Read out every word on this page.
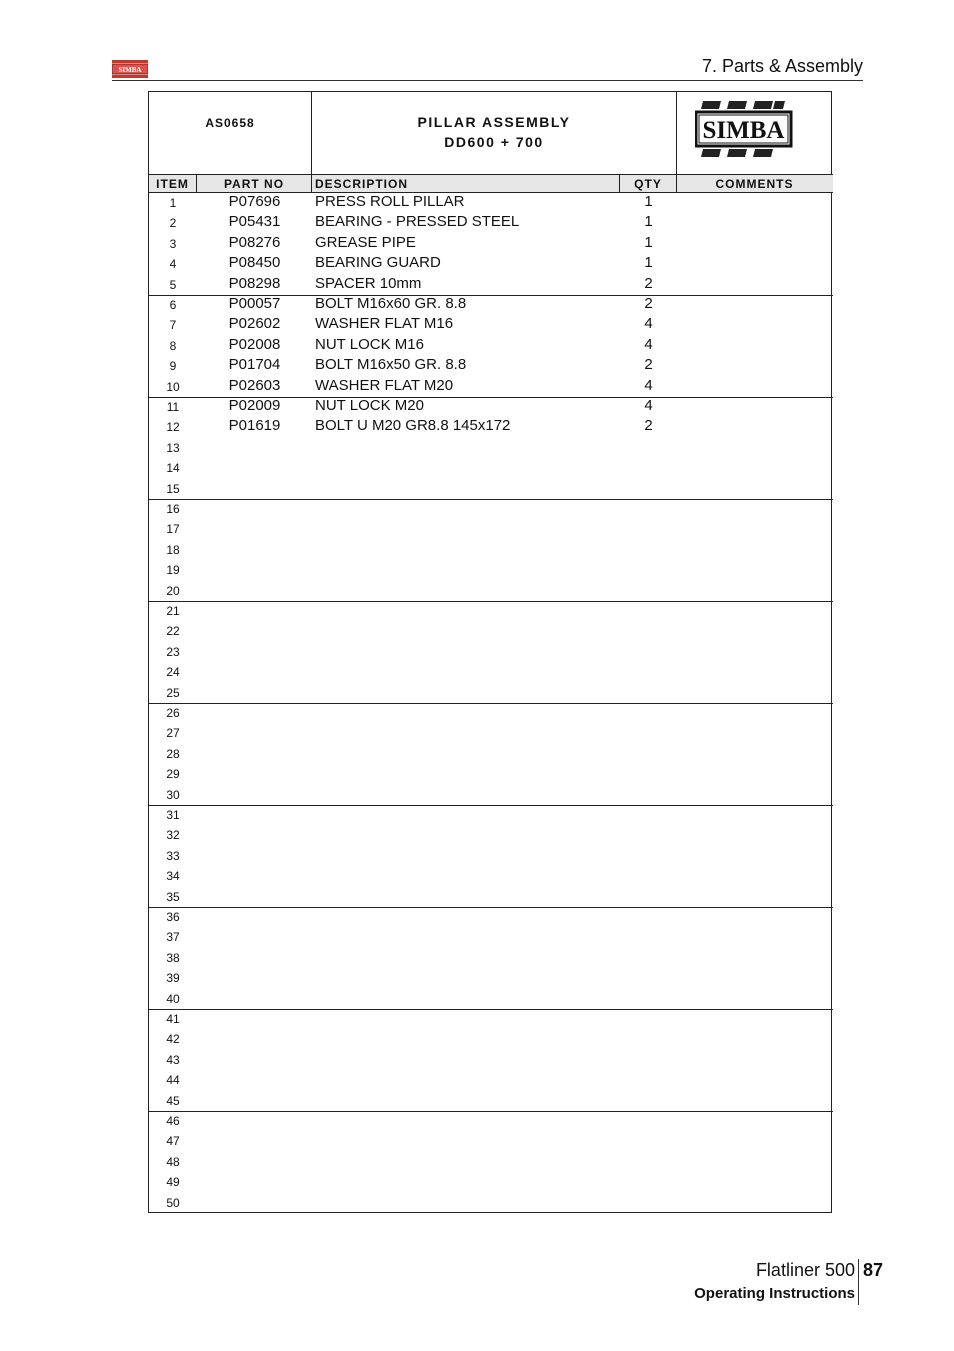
SIMBA	7. Parts & Assembly
AS0658	PILLAR ASSEMBLY
DD600 + 700	SIMBA
ITEM	PART NO	DESCRIPTION	QTY	COMMENTS
1	P07696	PRESS ROLL PILLAR	1
2	P05431	BEARING - PRESSED STEEL	1
3	P08276	GREASE PIPE	1
4	P08450	BEARING GUARD	1
5	P08298	SPACER 10mm	2
6	P00057	BOLT M16x60 GR. 8.8	2
7	P02602	WASHER FLAT M16	4
8	P02008	NUT LOCK M16	4
9	P01704	BOLT M16x50 GR. 8.8	2
10	P02603	WASHER FLAT M20	4
11	P02009	NUT LOCK M20	4
12	P01619	BOLT U M20 GR8.8 145x172	2
13
14
15
16
17
18
19
20
21
22
23
24
25
26
27
28
29
30
31
32
33
34
35
36
37
38
39
40
41
42
43
44
45
46
47
48
49
50
Flatliner 500 87
Operating Instructions
